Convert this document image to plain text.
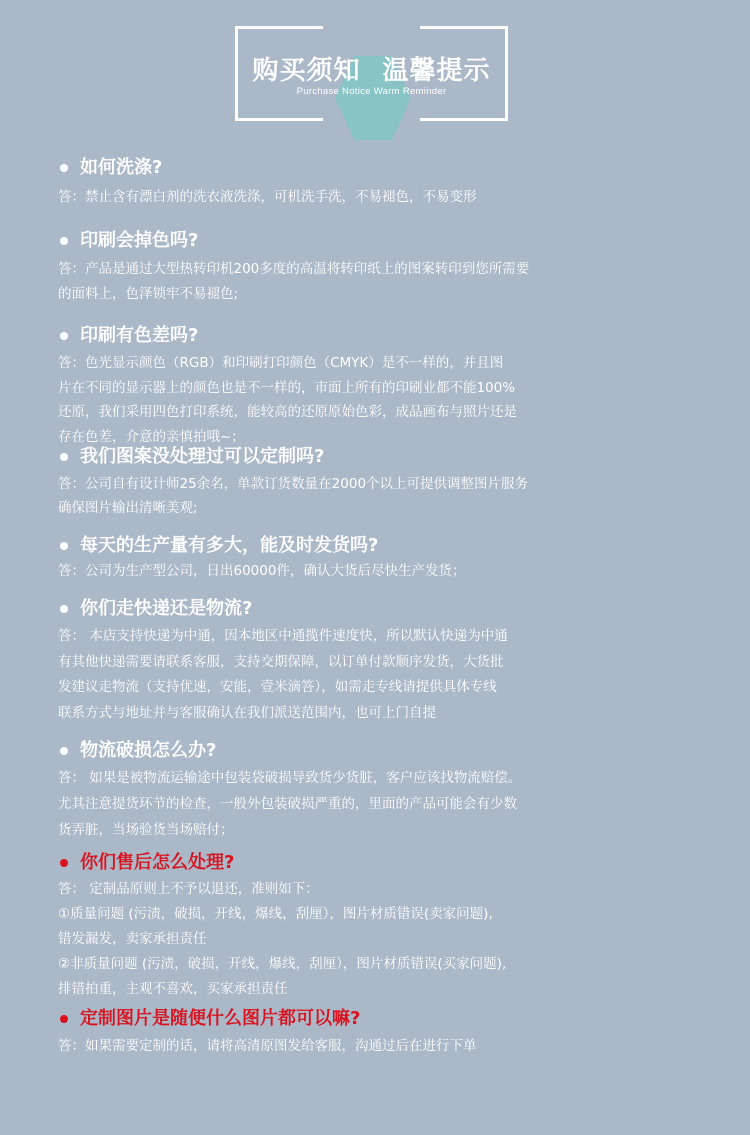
购买须知 温馨提示
Purchase Notice Warm Reminder
如何洗涤?
答：禁止含有漂白剂的洗衣液洗涤，可机洗手洗，不易褪色，不易变形
印刷会掉色吗?
答：产品是通过大型热转印机200多度的高温将转印纸上的图案转印到您所需要
的面料上，色泽锁牢不易褪色;
印刷有色差吗?
答：色光显示颜色（RGB）和印刷打印颜色（CMYK）是不一样的，并且图
片在不同的显示器上的颜色也是不一样的，市面上所有的印刷业都不能100%
还原，我们采用四色打印系统，能较高的还原原始色彩，成品画布与照片还是
存在色差，介意的亲慎拍哦~；
我们图案没处理过可以定制吗?
答：公司自有设计师25余名，单款订货数量在2000个以上可提供调整图片服务
确保图片输出清晰美观;
每天的生产量有多大，能及时发货吗?
答：公司为生产型公司，日出60000件，确认大货后尽快生产发货；
你们走快递还是物流?
答： 本店支持快递为中通，因本地区中通揽件速度快，所以默认快递为中通
有其他快递需要请联系客服，支持交期保障，以订单付款顺序发货，大货批
发建议走物流（支持优速，安能，壹米滴答），如需走专线请提供具体专线
联系方式与地址并与客服确认在我们派送范围内，也可上门自提
物流破损怎么办?
答： 如果是被物流运输途中包装袋破损导致货少货脏，客户应该找物流赔偿。
尤其注意提货环节的检查，一般外包装破损严重的，里面的产品可能会有少数
货弄脏，当场验货当场赔付；
你们售后怎么处理?
答： 定制品原则上不予以退还，准则如下：
①质量问题 (污渍，破损，开线，爆线，刮厘），图片材质错误(卖家问题),
错发漏发，卖家承担责任
②非质量问题 (污渍，破损，开线，爆线，刮厘），图片材质错误(买家问题),
排错拍重，主观不喜欢，买家承担责任
定制图片是随便什么图片都可以嘛?
答：如果需要定制的话，请将高清原图发给客服，沟通过后在进行下单
